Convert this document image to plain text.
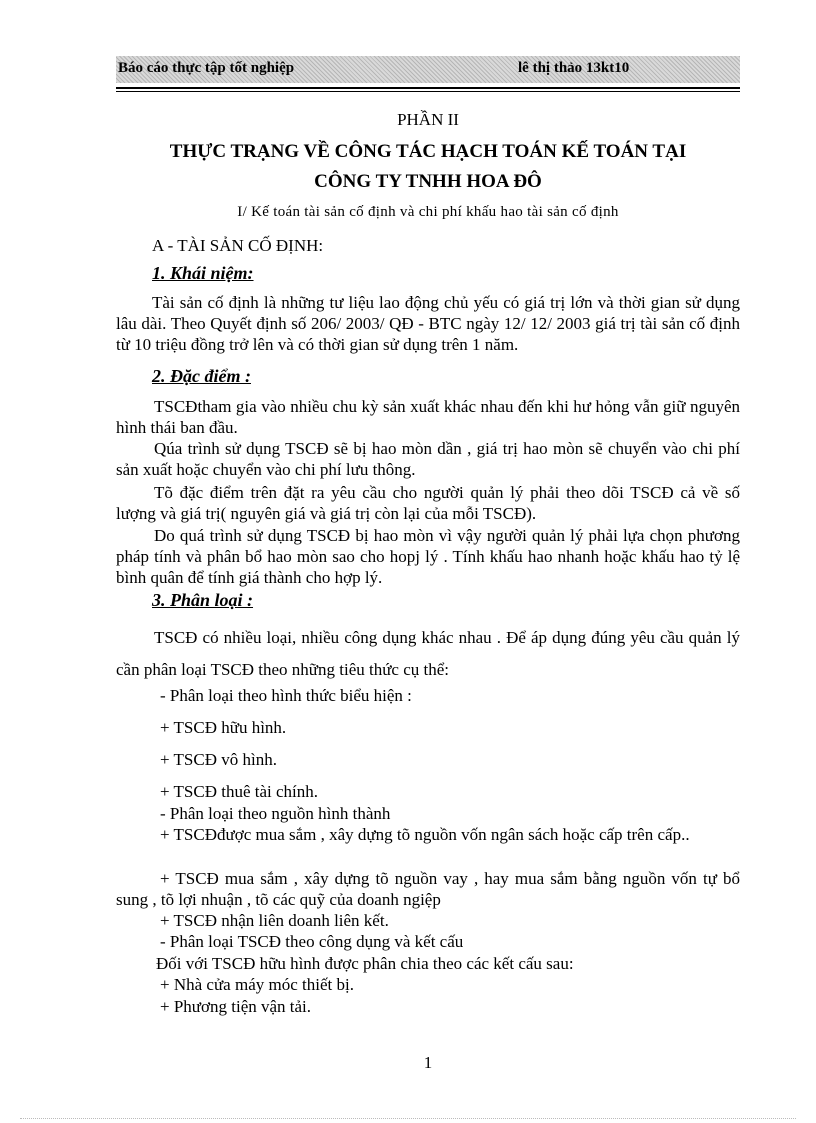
Báo cáo thực tập tốt nghiệp	lê thị thảo 13kt10
PHẦN II
THỰC TRẠNG VỀ CÔNG TÁC HẠCH TOÁN KẾ TOÁN TẠI
CÔNG TY TNHH HOA ĐÔ
I/ Kế toán tài sản cố định và chi phí khấu hao tài sản cố định
A - TÀI SẢN CỐ ĐỊNH:
1. Khái niệm:
Tài sản cố định là những tư liệu lao động chủ yếu có giá trị lớn và thời gian sử dụng lâu dài. Theo Quyết định số 206/ 2003/ QĐ - BTC ngày 12/ 12/ 2003 giá trị tài sản cố định từ 10 triệu đồng trở lên và có thời gian sử dụng trên 1 năm.
2. Đặc điểm :
TSCĐtham gia vào nhiều chu kỳ sản xuất khác nhau đến khi hư hỏng vẫn giữ nguyên hình thái ban đầu.
Qúa trình sử dụng TSCĐ sẽ bị hao mòn dần , giá trị hao mòn sẽ chuyển vào chi phí sản xuất hoặc chuyển vào chi phí lưu thông.
Tõ đặc điểm trên đặt ra yêu cầu cho người quản lý phải theo dõi TSCĐ cả về số lượng và giá trị( nguyên giá và giá trị còn lại của mỗi TSCĐ).
Do quá trình sử dụng TSCĐ bị hao mòn vì vậy người quản lý phải lựa chọn phương pháp tính và phân bổ hao mòn sao cho hopj lý . Tính khấu hao nhanh hoặc khấu hao tỷ lệ bình quân để tính giá thành cho hợp lý.
3. Phân loại :
TSCĐ có nhiều loại, nhiều công dụng khác nhau . Để áp dụng đúng yêu cầu quản lý cần phân loại TSCĐ theo những tiêu thức cụ thể:
- Phân loại theo hình thức biểu hiện :
+ TSCĐ hữu hình.
+ TSCĐ vô hình.
+ TSCĐ thuê tài chính.
- Phân loại theo nguồn hình thành
+ TSCĐđược mua sắm , xây dựng tõ nguồn vốn ngân sách hoặc cấp trên cấp..
+ TSCĐ mua sắm , xây dựng tõ nguồn vay , hay mua sắm bằng nguồn vốn tự bổ sung , tõ lợi nhuận , tõ các quỹ của doanh ngiệp
+ TSCĐ nhận liên doanh liên kết.
- Phân loại TSCĐ theo công dụng và kết cấu
Đối với TSCĐ hữu hình được phân chia theo các kết cấu sau:
+ Nhà cửa máy móc thiết bị.
+ Phương tiện vận tải.
1
